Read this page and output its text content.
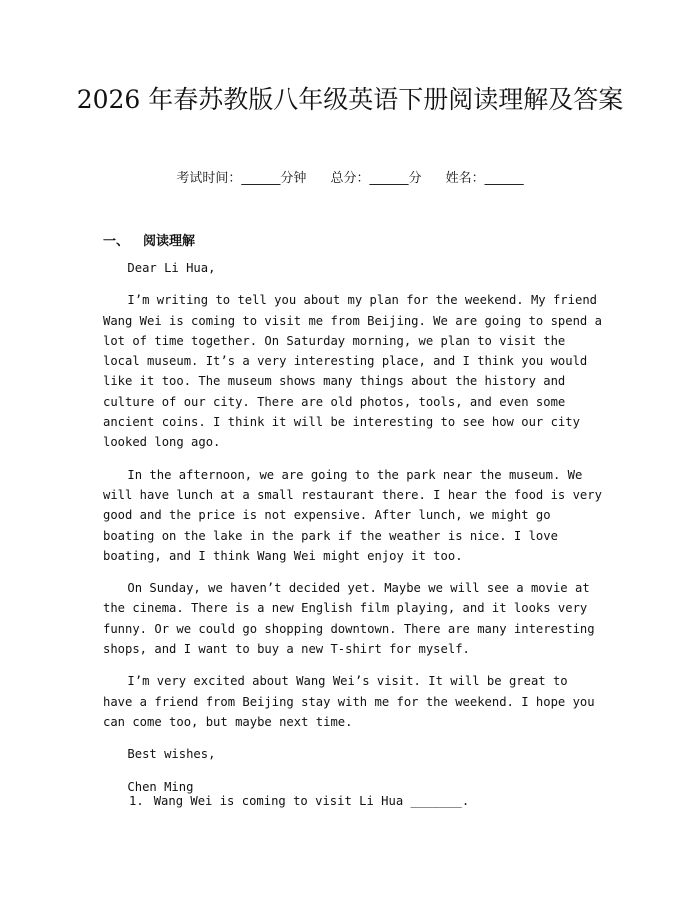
2026 年春苏教版八年级英语下册阅读理解及答案
考试时间：______分钟 总分：______分 姓名：______
一、 阅读理解

Dear Li Hua,

I’m writing to tell you about my plan for the weekend. My friend Wang Wei is coming to visit me from Beijing. We are going to spend a lot of time together. On Saturday morning, we plan to visit the local museum. It’s a very interesting place, and I think you would like it too. The museum shows many things about the history and culture of our city. There are old photos, tools, and even some ancient coins. I think it will be interesting to see how our city looked long ago.

In the afternoon, we are going to the park near the museum. We will have lunch at a small restaurant there. I hear the food is very good and the price is not expensive. After lunch, we might go boating on the lake in the park if the weather is nice. I love boating, and I think Wang Wei might enjoy it too.

On Sunday, we haven’t decided yet. Maybe we will see a movie at the cinema. There is a new English film playing, and it looks very funny. Or we could go shopping downtown. There are many interesting shops, and I want to buy a new T-shirt for myself.

I’m very excited about Wang Wei’s visit. It will be great to have a friend from Beijing stay with me for the weekend. I hope you can come too, but maybe next time.

Best wishes,

Chen Ming

1. Wang Wei is coming to visit Li Hua _______.
